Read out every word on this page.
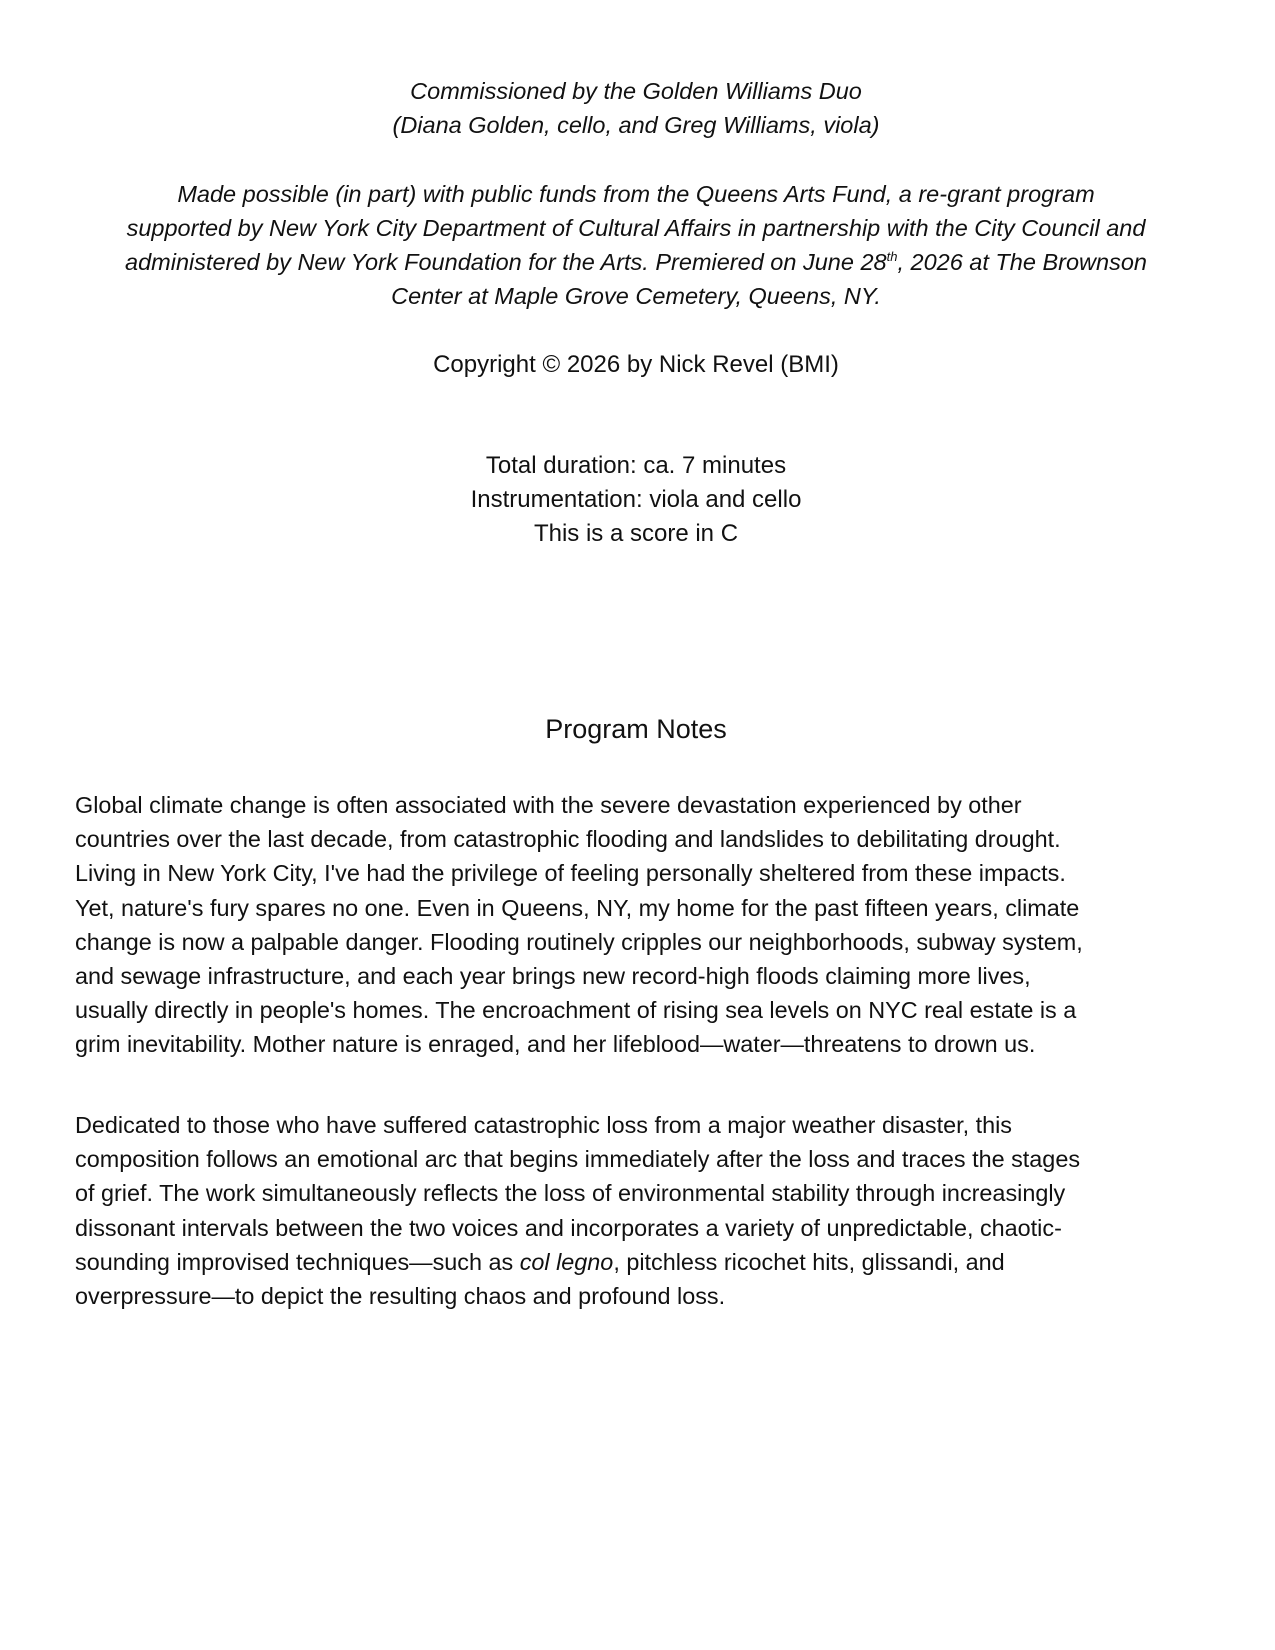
Commissioned by the Golden Williams Duo
(Diana Golden, cello, and Greg Williams, viola)

Made possible (in part) with public funds from the Queens Arts Fund, a re-grant program
supported by New York City Department of Cultural Affairs in partnership with the City Council and
administered by New York Foundation for the Arts. Premiered on June 28th, 2026 at The Brownson
Center at Maple Grove Cemetery, Queens, NY.

Copyright © 2026 by Nick Revel (BMI)

Total duration: ca. 7 minutes
Instrumentation: viola and cello
This is a score in C

Program Notes

Global climate change is often associated with the severe devastation experienced by other
countries over the last decade, from catastrophic flooding and landslides to debilitating drought.
Living in New York City, I've had the privilege of feeling personally sheltered from these impacts.
Yet, nature's fury spares no one. Even in Queens, NY, my home for the past fifteen years, climate
change is now a palpable danger. Flooding routinely cripples our neighborhoods, subway system,
and sewage infrastructure, and each year brings new record-high floods claiming more lives,
usually directly in people's homes. The encroachment of rising sea levels on NYC real estate is a
grim inevitability. Mother nature is enraged, and her lifeblood—water—threatens to drown us.

Dedicated to those who have suffered catastrophic loss from a major weather disaster, this
composition follows an emotional arc that begins immediately after the loss and traces the stages
of grief. The work simultaneously reflects the loss of environmental stability through increasingly
dissonant intervals between the two voices and incorporates a variety of unpredictable, chaotic-
sounding improvised techniques—such as col legno, pitchless ricochet hits, glissandi, and
overpressure—to depict the resulting chaos and profound loss.
